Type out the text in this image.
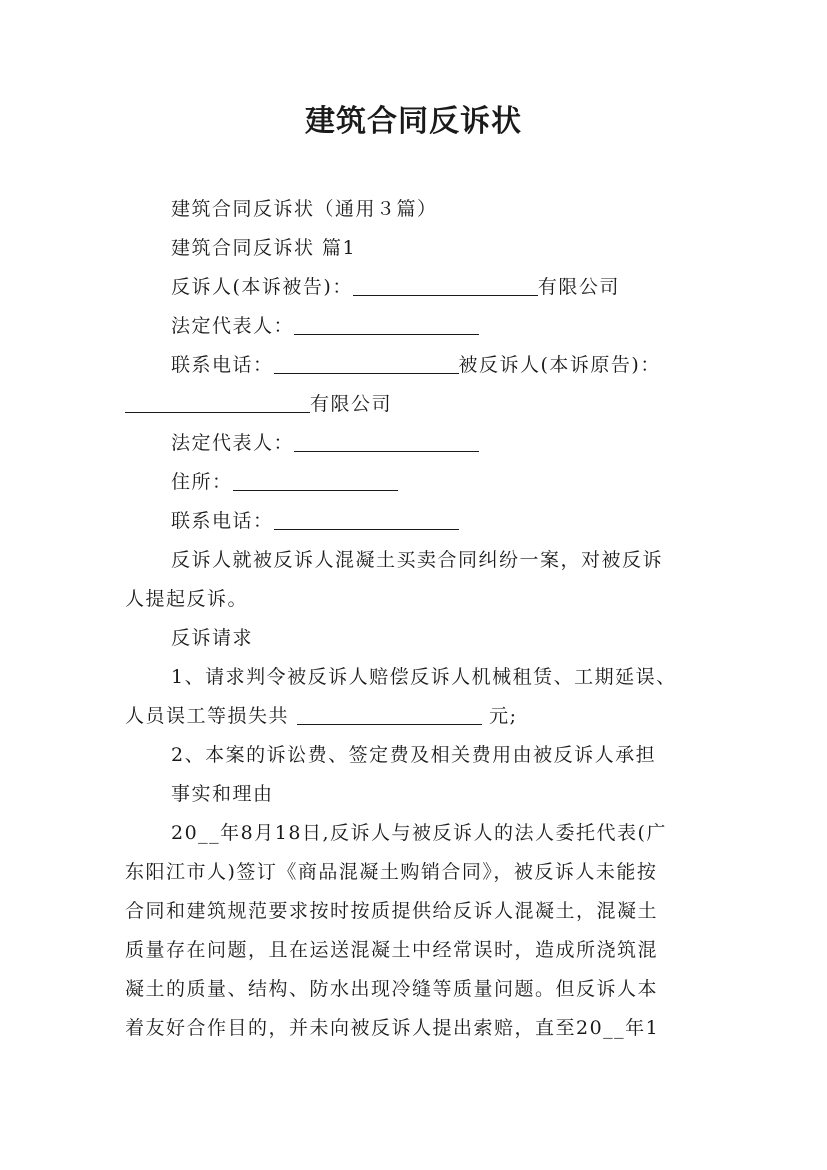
建筑合同反诉状
建筑合同反诉状（通用３篇）
建筑合同反诉状 篇1
反诉人(本诉被告)：	有限公司
法定代表人：
联系电话：	被反诉人(本诉原告)：
有限公司
法定代表人：
住所：
联系电话：
反诉人就被反诉人混凝土买卖合同纠纷一案，对被反诉
人提起反诉。
反诉请求
1、请求判令被反诉人赔偿反诉人机械租赁、工期延误、
人员误工等损失共	元;
2、本案的诉讼费、签定费及相关费用由被反诉人承担
事实和理由
20__年8月18日,反诉人与被反诉人的法人委托代表(广
东阳江市人)签订《商品混凝土购销合同》，被反诉人未能按
合同和建筑规范要求按时按质提供给反诉人混凝土，混凝土
质量存在问题，且在运送混凝土中经常误时，造成所浇筑混
凝土的质量、结构、防水出现冷缝等质量问题。但反诉人本
着友好合作目的，并未向被反诉人提出索赔，直至20__年1
